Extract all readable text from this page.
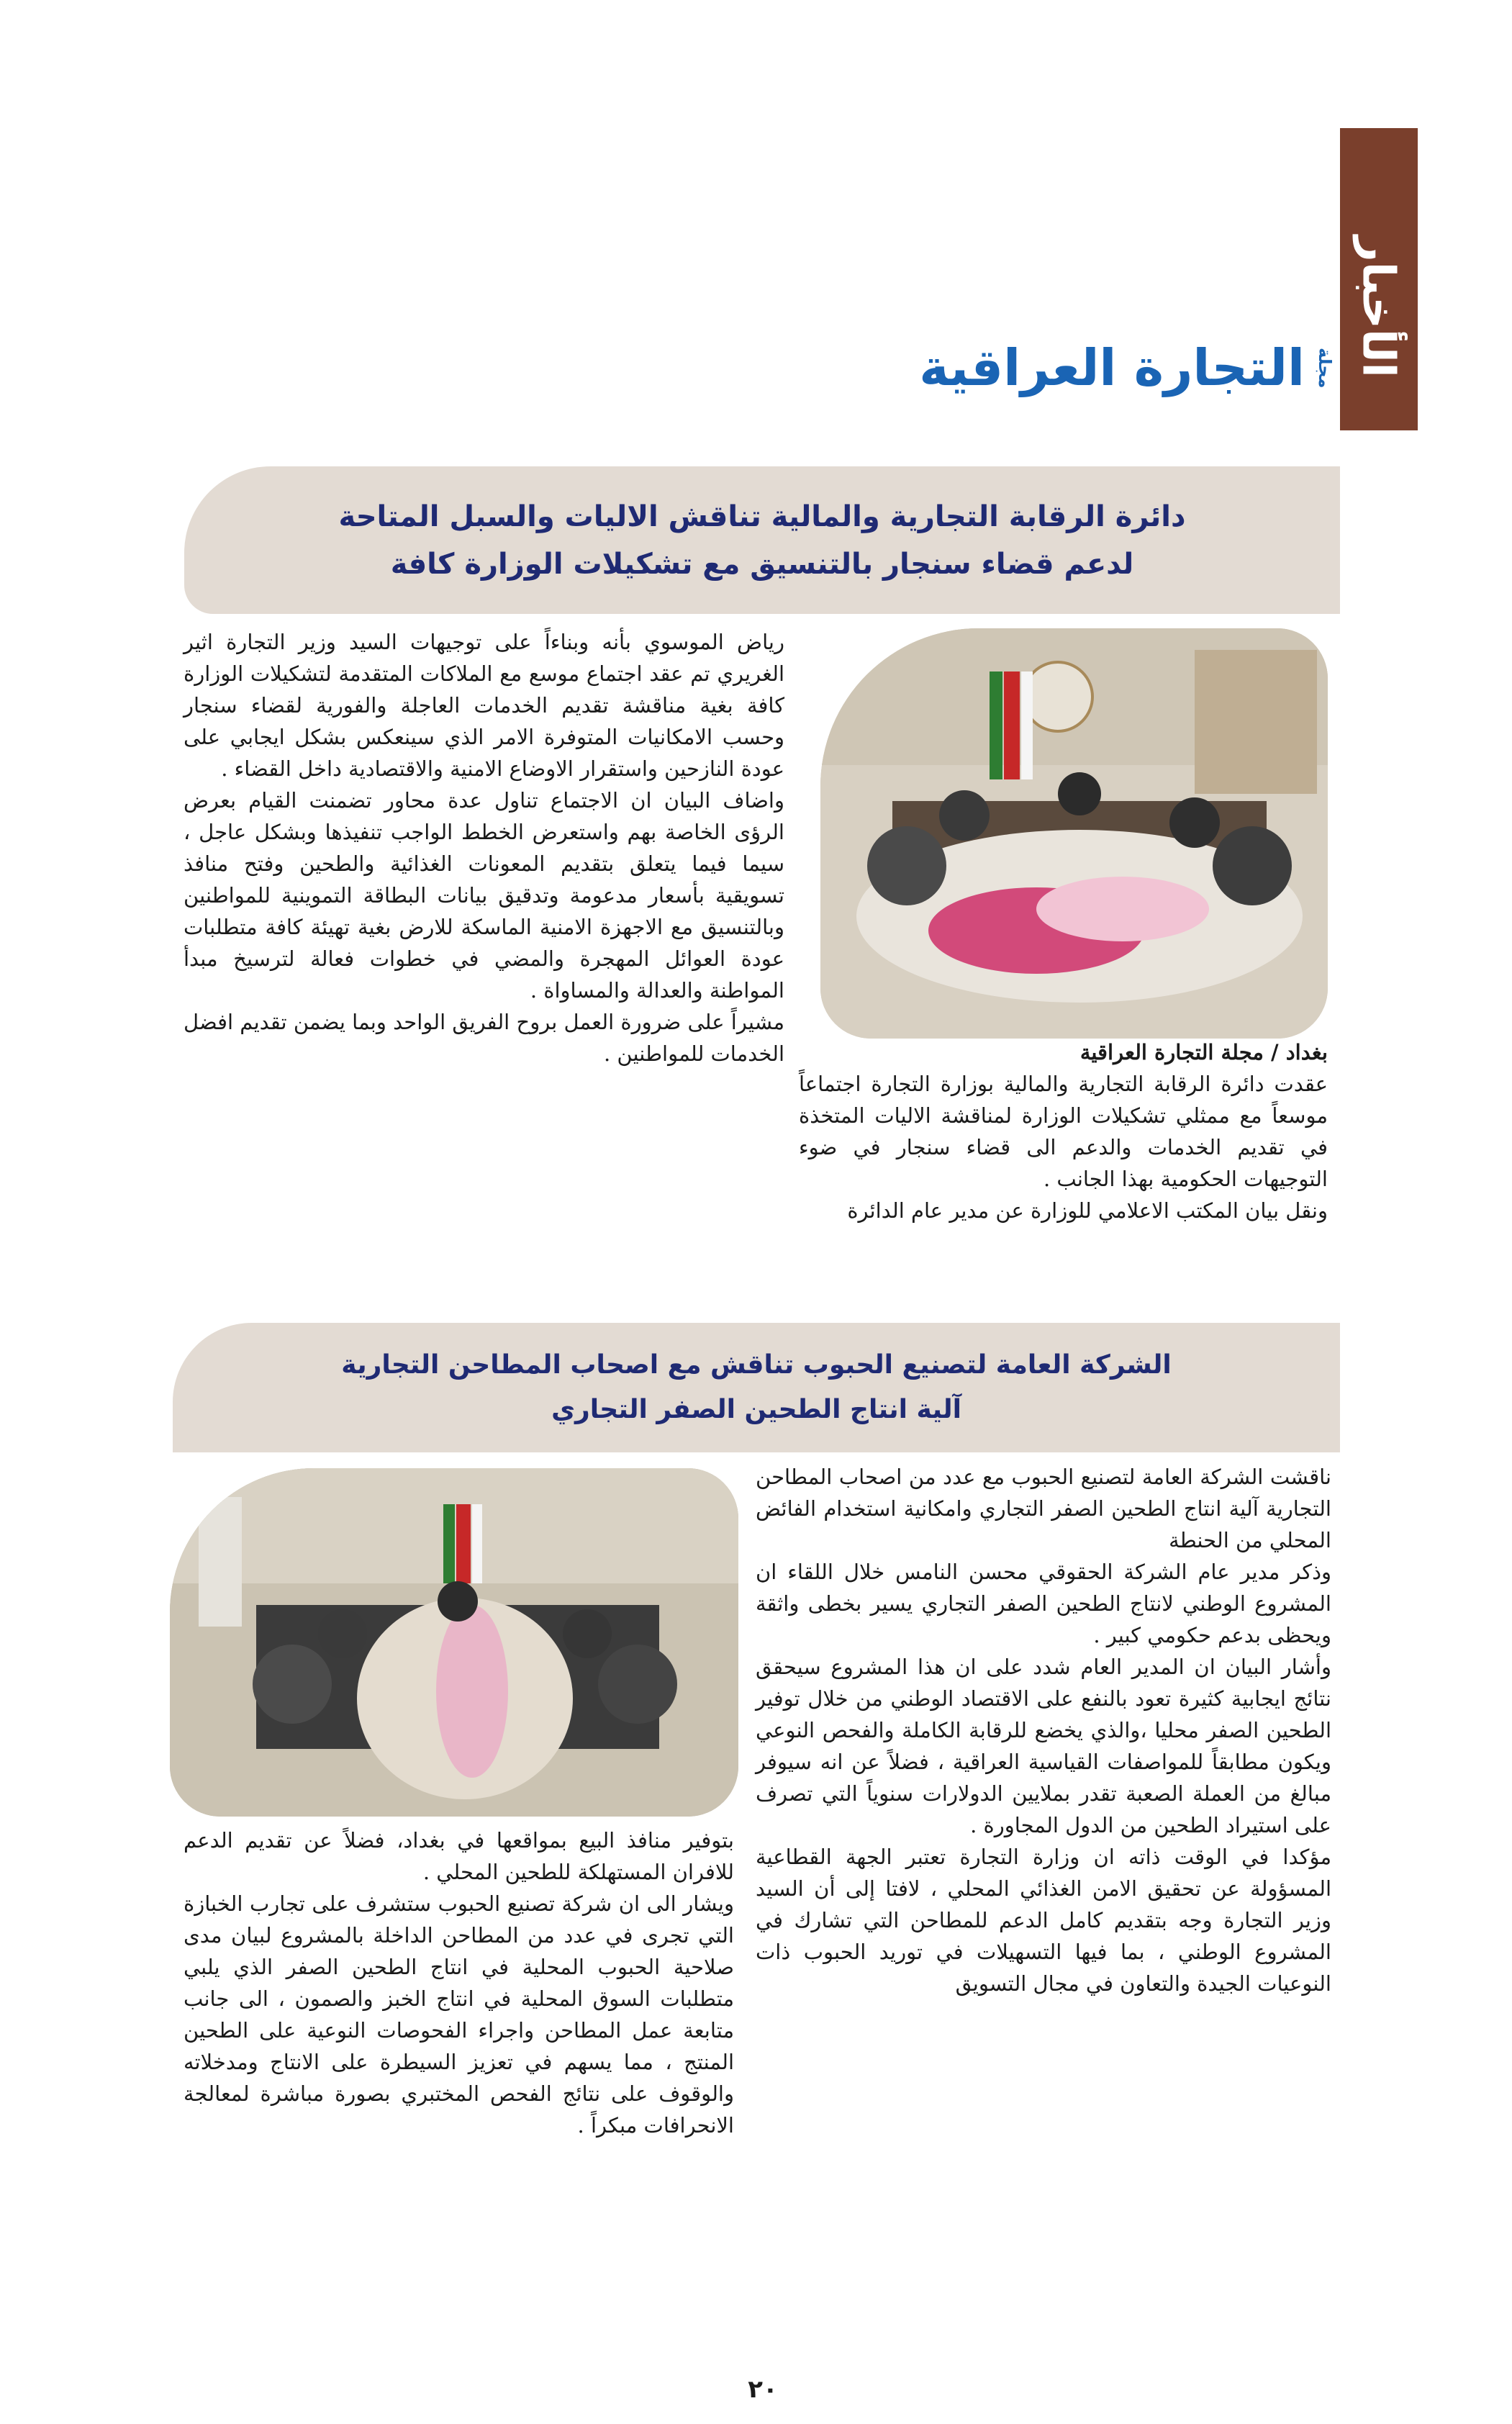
الأخبار
مجلة
التجارة العراقية
دائرة الرقابة التجارية والمالية تناقش الاليات والسبل المتاحة
لدعم قضاء سنجار بالتنسيق مع تشكيلات الوزارة كافة

بغداد / مجلة التجارة العراقية

عقدت دائرة الرقابة التجارية والمالية بوزارة التجارة اجتماعاً موسعاً مع ممثلي تشكيلات الوزارة لمناقشة الاليات المتخذة في تقديم الخدمات والدعم الى قضاء سنجار في ضوء التوجيهات الحكومية بهذا الجانب .

ونقل بيان المكتب الاعلامي للوزارة عن مدير عام الدائرة

رياض الموسوي بأنه وبناءاً على توجيهات السيد وزير التجارة اثير الغريري تم عقد اجتماع موسع مع الملاكات المتقدمة لتشكيلات الوزارة كافة بغية مناقشة تقديم الخدمات العاجلة والفورية لقضاء سنجار وحسب الامكانيات المتوفرة الامر الذي سينعكس بشكل ايجابي على عودة النازحين واستقرار الاوضاع الامنية والاقتصادية داخل القضاء .

واضاف البيان ان الاجتماع تناول عدة محاور تضمنت القيام بعرض الرؤى الخاصة بهم واستعرض الخطط الواجب تنفيذها وبشكل عاجل ، سيما فيما يتعلق بتقديم المعونات الغذائية والطحين وفتح منافذ تسويقية بأسعار مدعومة وتدقيق بيانات البطاقة التموينية للمواطنين وبالتنسيق مع الاجهزة الامنية الماسكة للارض بغية تهيئة كافة متطلبات عودة العوائل المهجرة والمضي في خطوات فعالة لترسيخ مبدأ المواطنة والعدالة والمساواة .

مشيراً على ضرورة العمل بروح الفريق الواحد وبما يضمن تقديم افضل الخدمات للمواطنين .

الشركة العامة لتصنيع الحبوب تناقش مع اصحاب المطاحن التجارية
آلية انتاج الطحين الصفر التجاري

ناقشت الشركة العامة لتصنيع الحبوب مع عدد من اصحاب المطاحن التجارية آلية انتاج الطحين الصفر التجاري وامكانية استخدام الفائض المحلي من الحنطة

وذكر مدير عام الشركة الحقوقي محسن النامس خلال اللقاء ان المشروع الوطني لانتاج الطحين الصفر التجاري يسير بخطى واثقة ويحظى بدعم حكومي كبير .

وأشار البيان ان المدير العام شدد على ان هذا المشروع سيحقق نتائج ايجابية كثيرة تعود بالنفع على الاقتصاد الوطني من خلال توفير الطحين الصفر محليا ،والذي يخضع للرقابة الكاملة والفحص النوعي ويكون مطابقاً للمواصفات القياسية العراقية ، فضلاً عن انه سيوفر مبالغ من العملة الصعبة تقدر بملايين الدولارات سنوياً التي تصرف على استيراد الطحين من الدول المجاورة .

مؤكدا في الوقت ذاته ان وزارة التجارة تعتبر الجهة القطاعية المسؤولة عن تحقيق الامن الغذائي المحلي ، لافتا إلى أن السيد وزير التجارة وجه بتقديم كامل الدعم للمطاحن التي تشارك في المشروع الوطني ، بما فيها التسهيلات في توريد الحبوب ذات النوعيات الجيدة والتعاون في مجال التسويق

بتوفير منافذ البيع بمواقعها في بغداد، فضلاً عن تقديم الدعم للافران المستهلكة للطحين المحلي .

ويشار الى ان شركة تصنيع الحبوب ستشرف على تجارب الخبازة التي تجرى في عدد من المطاحن الداخلة بالمشروع لبيان مدى صلاحية الحبوب المحلية في انتاج الطحين الصفر الذي يلبي متطلبات السوق المحلية في انتاج الخبز والصمون ، الى جانب متابعة عمل المطاحن واجراء الفحوصات النوعية على الطحين المنتج ، مما يسهم في تعزيز السيطرة على الانتاج ومدخلاته والوقوف على نتائج الفحص المختبري بصورة مباشرة لمعالجة الانحرافات مبكراً .

٢٠
